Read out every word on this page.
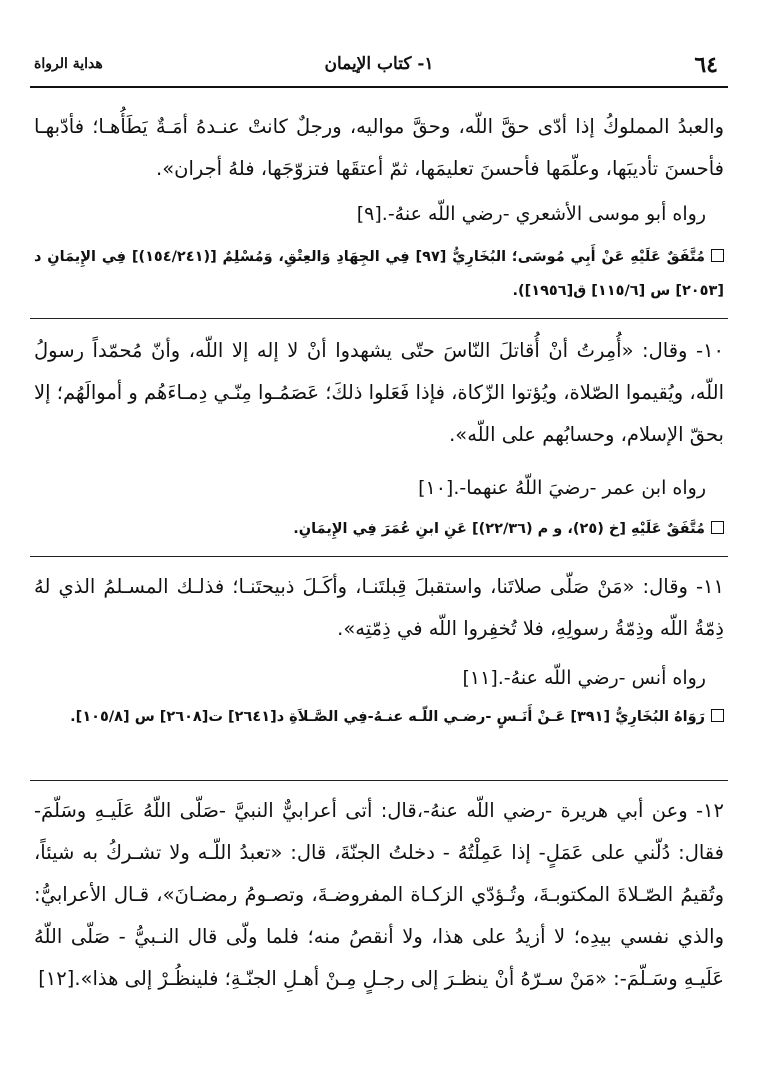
٦٤
١- كتاب الإيمان
هداية الرواة
والعبدُ المملوكُ إذا أدّى حقَّ اللّه، وحقَّ مواليه، ورجلٌ كانتْ عنـدهُ أمَـةٌ يَطَأُهـا؛ فأدّبهـا فأحسنَ تأديبَها، وعلّمَها فأحسنَ تعليمَها، ثمّ أعتقَها فتزوّجَها، فلهُ أجران».
رواه أبو موسى الأشعري -رضي اللّه عنهُ-.[٩]
مُتَّفَقٌ عَلَيْهِ عَنْ أَبِي مُوسَى؛ البُخَارِيُّ [٩٧] فِي الجِهَادِ وَالعِتْقِ، وَمُسْلِمٌ [(١٥٤/٢٤١)] فِي الإِيمَانِ د [٢٠٥٣] س [١١٥/٦] ق[١٩٥٦]).
١٠- وقال: «أُمِرتُ أنْ أُقاتلَ النّاسَ حتّى يشهدوا أنْ لا إله إلا اللّه، وأنّ مُحمّداً رسولُ اللّه، ويُقيموا الصّلاة، ويُؤتوا الزّكاة، فإذا فَعَلوا ذلكَ؛ عَصَمُـوا مِنّـي دِمـاءَهُم و أموالَهُم؛ إلا بحقّ الإسلام، وحسابُهم على اللّه».
رواه ابن عمر -رضيَ اللّهُ عنهما-.[١٠]
مُتَّفَقٌ عَلَيْهِ [خ (٢٥)، و م (٢٢/٣٦)] عَنِ ابنِ عُمَرَ فِي الإِيمَانِ.
١١- وقال: «مَنْ صَلّى صلاتَنا، واستقبلَ قِبلتَنـا، وأكَـلَ ذبيحتَنـا؛ فذلـك المسـلمُ الذي لهُ ذِمّةُ اللّه وذِمّةُ رسولِهِ، فلا تُخفِروا اللّه في ذِمّتِه».
رواه أنس -رضي اللّه عنهُ-.[١١]
رَوَاهُ البُخَارِيُّ [٣٩١] عَـنْ أَنَـسٍ -رضـي اللّـه عنـهُ-فِي الصَّـلاَةِ د[٢٦٤١] ت[٢٦٠٨] س [١٠٥/٨].
١٢- وعن أبي هريرة -رضي اللّه عنهُ-،قال: أتى أعرابيٌّ النبيَّ -صَلّى اللّهُ عَلَيـهِ وسَلّمَ- فقال: دُلّني على عَمَلٍ- إذا عَمِلْتُهُ - دخلتُ الجنّةَ، قال: «تعبدُ اللّـه ولا تشـركُ به شيئاً، وتُقيمُ الصّـلاةَ المكتوبـةَ، وتُـؤدّي الزكـاة المفروضـةَ، وتصـومُ رمضـانَ»، قـال الأعرابيُّ: والذي نفسي بيدِه؛ لا أزيدُ على هذا، ولا أنقصُ منه؛ فلما ولّى قال النـبيُّ - صَلّى اللّهُ عَلَيـهِ وسَـلّمَ-: «مَنْ سـرّهُ أنْ ينظـرَ إلى رجـلٍ مِـنْ أهـلِ الجنّـةِ؛ فلينظُـرْ إلى هذا».[١٢]
